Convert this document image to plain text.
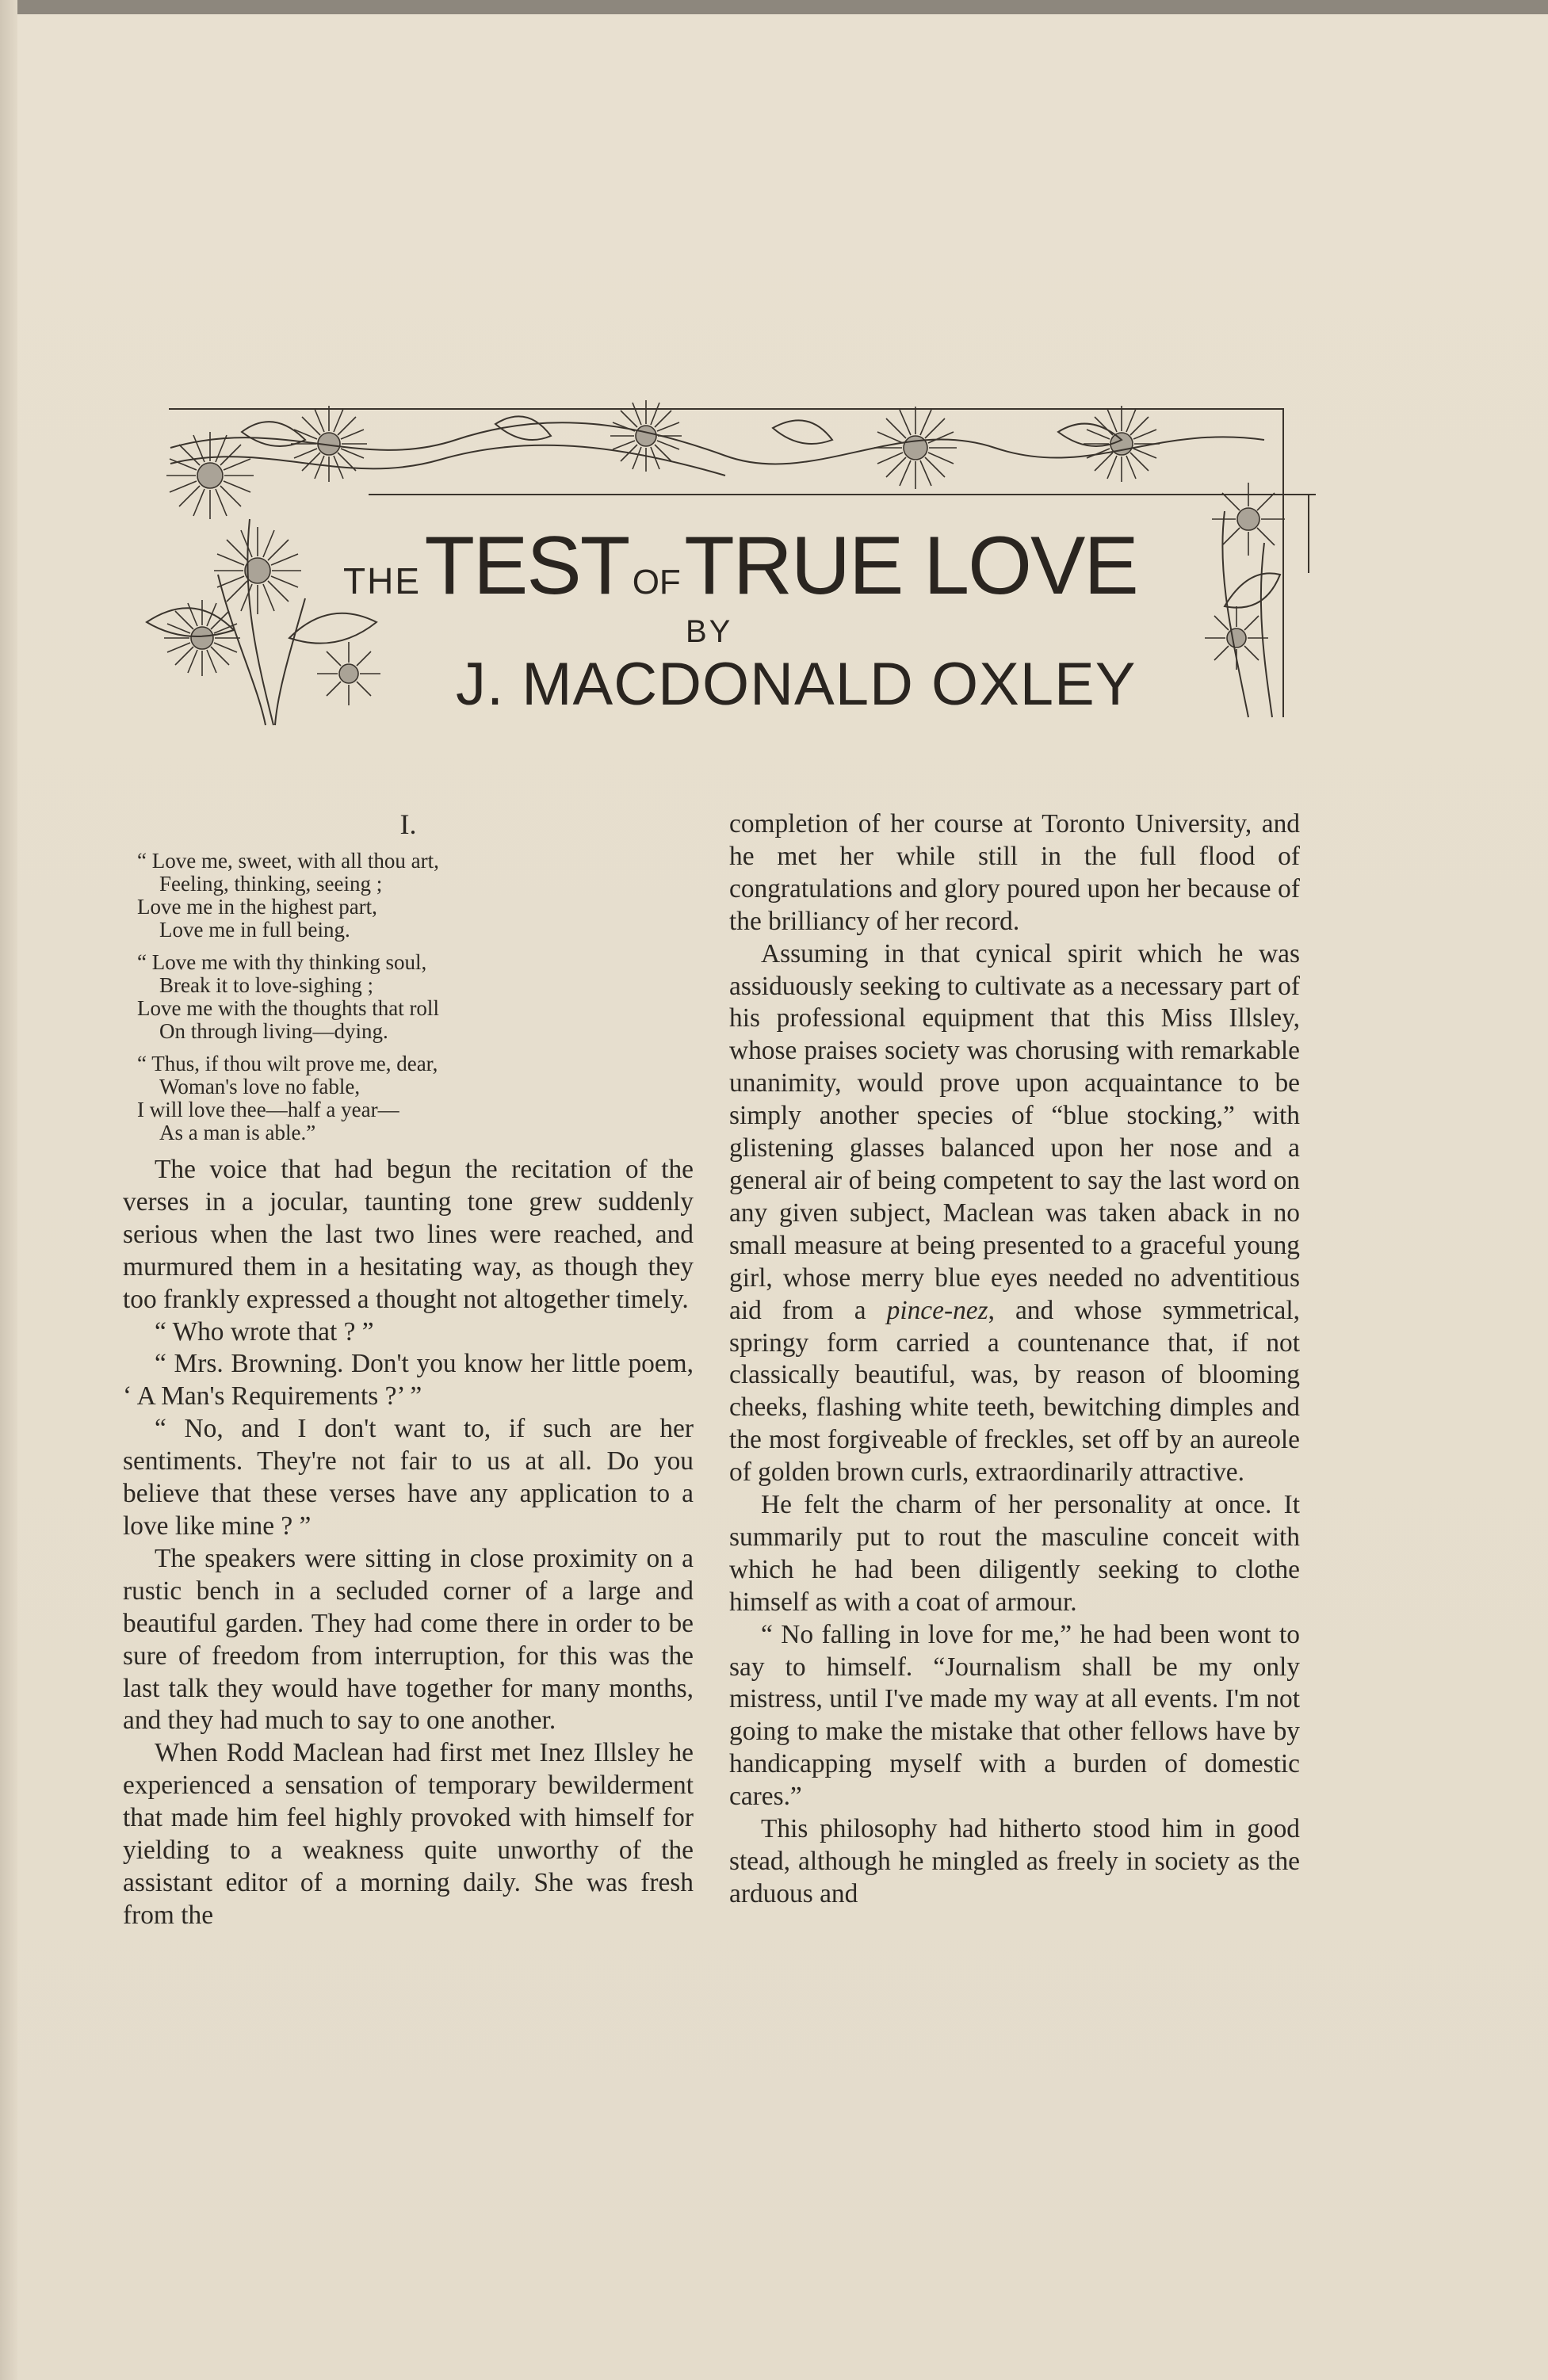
THE TEST OF TRUE LOVE
BY
J. MACDONALD OXLEY
I.
“ Love me, sweet, with all thou art,
Feeling, thinking, seeing ;
Love me in the highest part,
Love me in full being.
“ Love me with thy thinking soul,
Break it to love-sighing ;
Love me with the thoughts that roll
On through living—dying.
“ Thus, if thou wilt prove me, dear,
Woman's love no fable,
I will love thee—half a year—
As a man is able.”

The voice that had begun the recitation of the verses in a jocular, taunting tone grew suddenly serious when the last two lines were reached, and murmured them in a hesitating way, as though they too frankly expressed a thought not altogether timely.

“ Who wrote that ? ”

“ Mrs. Browning. Don't you know her little poem, ‘ A Man's Requirements ?’ ”

“ No, and I don't want to, if such are her sentiments. They're not fair to us at all. Do you believe that these verses have any application to a love like mine ? ”

The speakers were sitting in close proximity on a rustic bench in a secluded corner of a large and beautiful garden. They had come there in order to be sure of freedom from interruption, for this was the last talk they would have together for many months, and they had much to say to one another.

When Rodd Maclean had first met Inez Illsley he experienced a sensation of temporary bewilderment that made him feel highly provoked with himself for yielding to a weakness quite unworthy of the assistant editor of a morning daily. She was fresh from the

completion of her course at Toronto University, and he met her while still in the full flood of congratulations and glory poured upon her because of the brilliancy of her record.

Assuming in that cynical spirit which he was assiduously seeking to cultivate as a necessary part of his professional equipment that this Miss Illsley, whose praises society was chorusing with remarkable unanimity, would prove upon acquaintance to be simply another species of “blue stocking,” with glistening glasses balanced upon her nose and a general air of being competent to say the last word on any given subject, Maclean was taken aback in no small measure at being presented to a graceful young girl, whose merry blue eyes needed no adventitious aid from a pince-nez, and whose symmetrical, springy form carried a countenance that, if not classically beautiful, was, by reason of blooming cheeks, flashing white teeth, bewitching dimples and the most forgiveable of freckles, set off by an aureole of golden brown curls, extraordinarily attractive.

He felt the charm of her personality at once. It summarily put to rout the masculine conceit with which he had been diligently seeking to clothe himself as with a coat of armour.

“ No falling in love for me,” he had been wont to say to himself. “Journalism shall be my only mistress, until I've made my way at all events. I'm not going to make the mistake that other fellows have by handicapping myself with a burden of domestic cares.”

This philosophy had hitherto stood him in good stead, although he mingled as freely in society as the arduous and
